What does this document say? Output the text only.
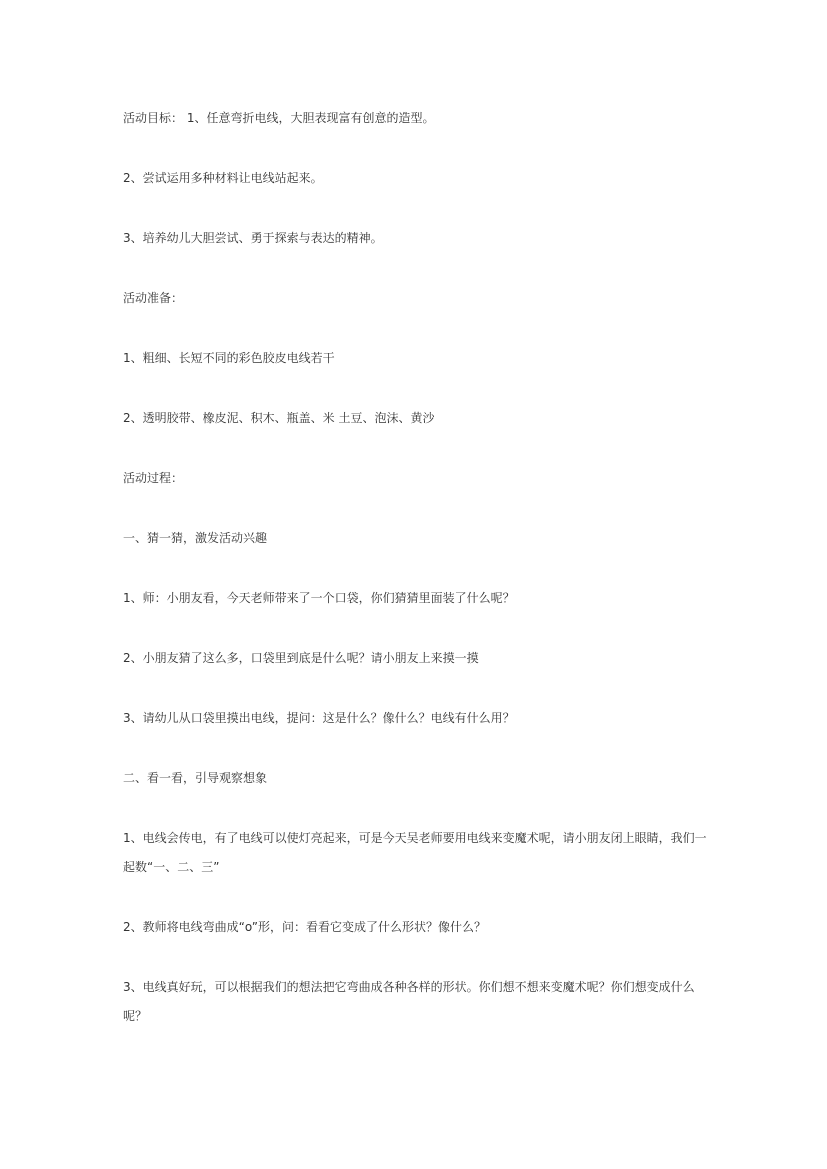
活动目标： 1、任意弯折电线，大胆表现富有创意的造型。

2、尝试运用多种材料让电线站起来。

3、培养幼儿大胆尝试、勇于探索与表达的精神。

活动准备：

1、粗细、长短不同的彩色胶皮电线若干

2、透明胶带、橡皮泥、积木、瓶盖、米 土豆、泡沫、黄沙

活动过程：

一、猜一猜，激发活动兴趣

1、师：小朋友看，今天老师带来了一个口袋，你们猜猜里面装了什么呢？

2、小朋友猜了这么多，口袋里到底是什么呢？请小朋友上来摸一摸

3、请幼儿从口袋里摸出电线，提问：这是什么？像什么？电线有什么用？

二、看一看，引导观察想象

1、电线会传电，有了电线可以使灯亮起来，可是今天吴老师要用电线来变魔术呢，请小朋友闭上眼睛，我们一起数“一、二、三”

2、教师将电线弯曲成“o”形，问：看看它变成了什么形状？像什么？

3、电线真好玩，可以根据我们的想法把它弯曲成各种各样的形状。你们想不想来变魔术呢？你们想变成什么呢？
